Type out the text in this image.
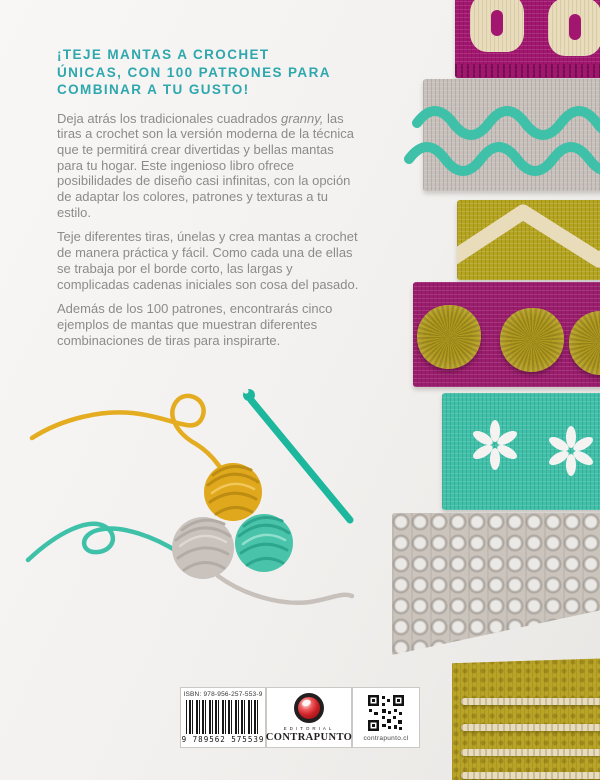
¡TEJE MANTAS A CROCHET
ÚNICAS, CON 100 PATRONES PARA
COMBINAR A TU GUSTO!

Deja atrás los tradicionales cuadrados granny, las tiras a crochet son la versión moderna de la técnica que te permitirá crear divertidas y bellas mantas para tu hogar. Este ingenioso libro ofrece posibilidades de diseño casi infinitas, con la opción de adaptar los colores, patrones y texturas a tu estilo.

Teje diferentes tiras, únelas y crea mantas a crochet de manera práctica y fácil. Como cada una de ellas se trabaja por el borde corto, las largas y complicadas cadenas iniciales son cosa del pasado.

Además de los 100 patrones, encontrarás cinco ejemplos de mantas que muestran diferentes combinaciones de tiras para inspirarte.

ISBN: 978-956-257-553-9
9 789562 575539
EDITORIAL
CONTRAPUNTO contrapunto.cl
